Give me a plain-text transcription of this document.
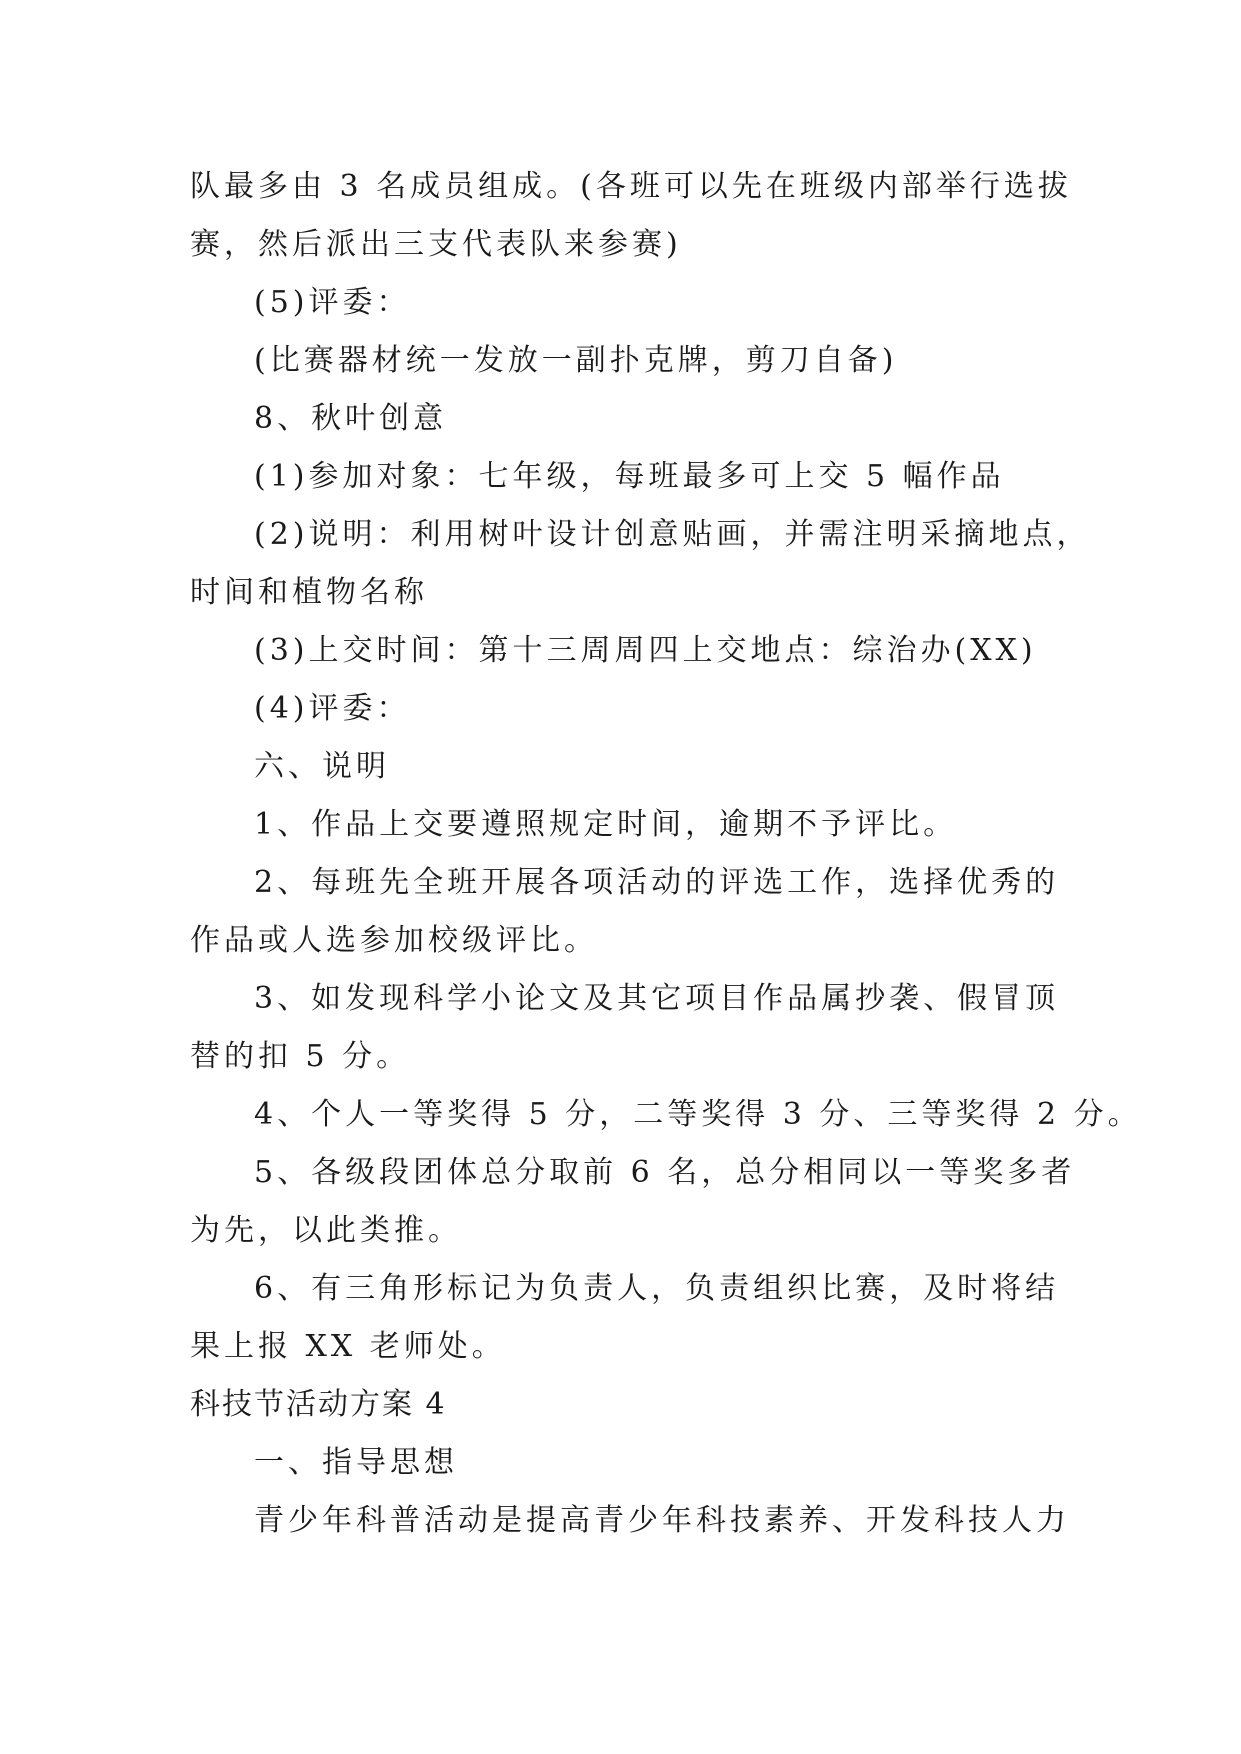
队最多由 3 名成员组成。(各班可以先在班级内部举行选拔
赛，然后派出三支代表队来参赛)
(5)评委：
(比赛器材统一发放一副扑克牌，剪刀自备)
8、秋叶创意
(1)参加对象：七年级，每班最多可上交 5 幅作品
(2)说明：利用树叶设计创意贴画，并需注明采摘地点，
时间和植物名称
(3)上交时间：第十三周周四上交地点：综治办(XX)
(4)评委：
六、说明
1、作品上交要遵照规定时间，逾期不予评比。
2、每班先全班开展各项活动的评选工作，选择优秀的
作品或人选参加校级评比。
3、如发现科学小论文及其它项目作品属抄袭、假冒顶
替的扣 5 分。
4、个人一等奖得 5 分，二等奖得 3 分、三等奖得 2 分。
5、各级段团体总分取前 6 名，总分相同以一等奖多者
为先，以此类推。
6、有三角形标记为负责人，负责组织比赛，及时将结
果上报 XX 老师处。
科技节活动方案 4
一、指导思想
青少年科普活动是提高青少年科技素养、开发科技人力
